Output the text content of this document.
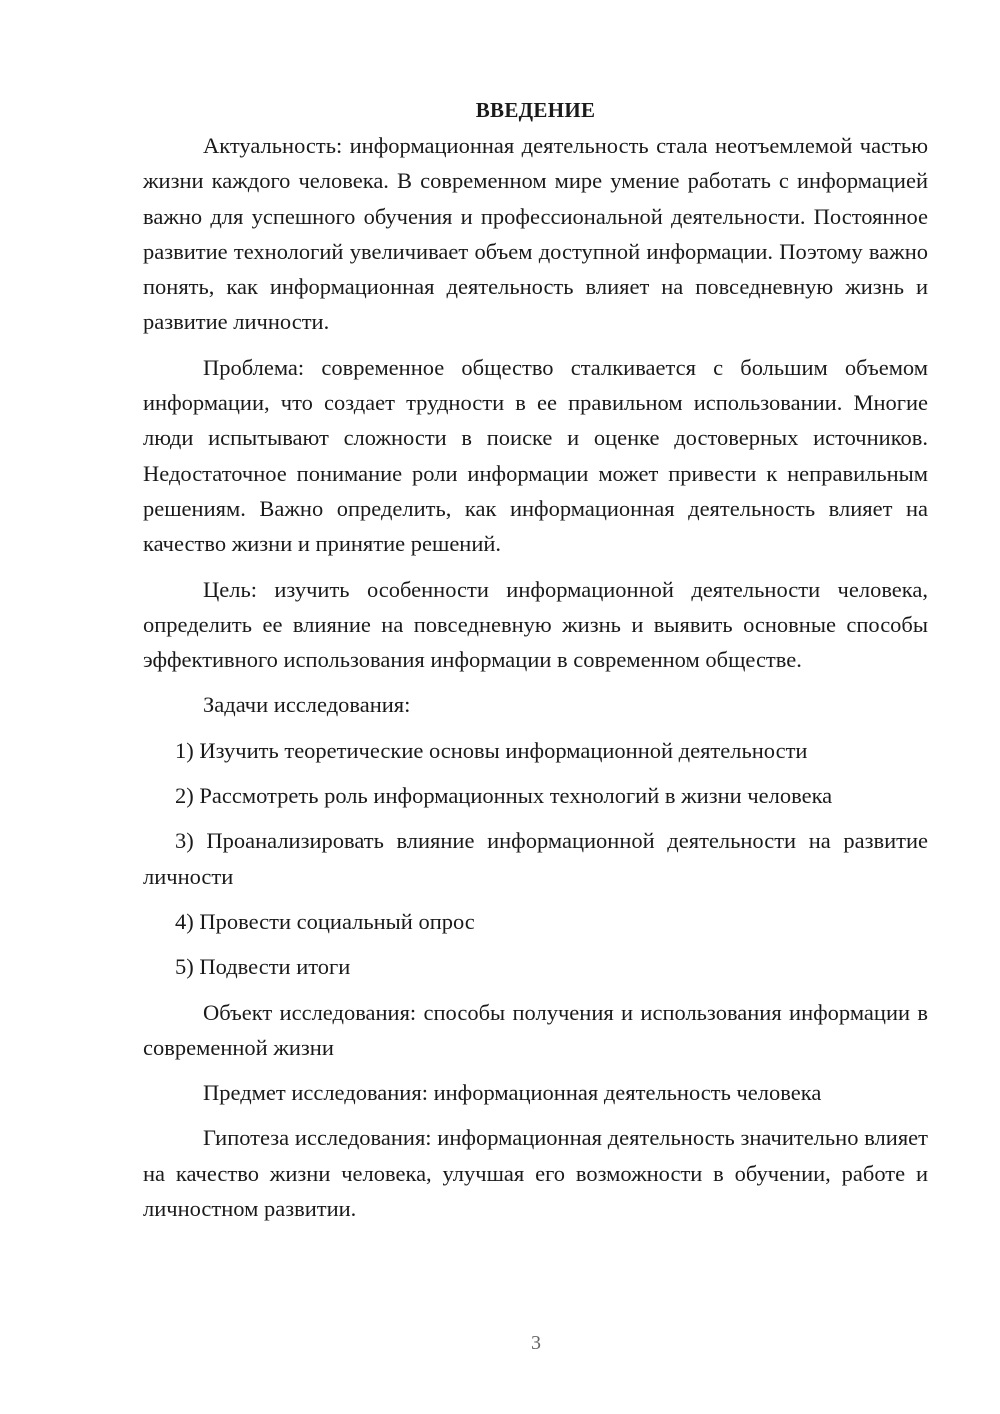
ВВЕДЕНИЕ

Актуальность: информационная деятельность стала неотъемлемой частью жизни каждого человека. В современном мире умение работать с информацией важно для успешного обучения и профессиональной деятельности. Постоянное развитие технологий увеличивает объем доступной информации. Поэтому важно понять, как информационная деятельность влияет на повседневную жизнь и развитие личности.

Проблема: современное общество сталкивается с большим объемом информации, что создает трудности в ее правильном использовании. Многие люди испытывают сложности в поиске и оценке достоверных источников. Недостаточное понимание роли информации может привести к неправильным решениям. Важно определить, как информационная деятельность влияет на качество жизни и принятие решений.

Цель: изучить особенности информационной деятельности человека, определить ее влияние на повседневную жизнь и выявить основные способы эффективного использования информации в современном обществе.

Задачи исследования:

1) Изучить теоретические основы информационной деятельности

2) Рассмотреть роль информационных технологий в жизни человека

3) Проанализировать влияние информационной деятельности на развитие личности

4) Провести социальный опрос

5) Подвести итоги

Объект исследования: способы получения и использования информации в современной жизни

Предмет исследования: информационная деятельность человека

Гипотеза исследования: информационная деятельность значительно влияет на качество жизни человека, улучшая его возможности в обучении, работе и личностном развитии.

3
